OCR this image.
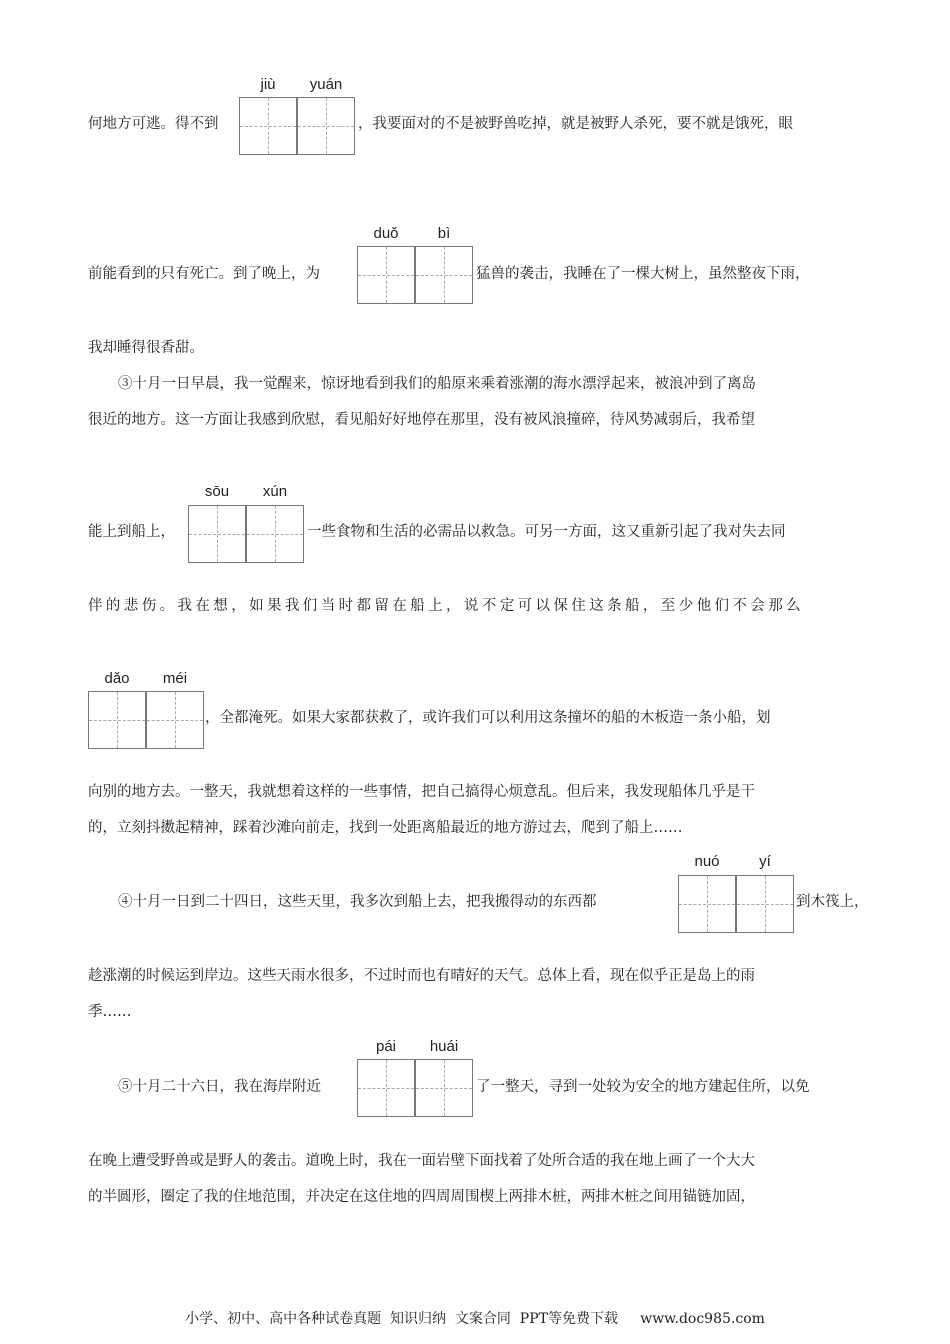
何地方可逃。得不到
jiù	yuán
，我要面对的不是被野兽吃掉，就是被野人杀死，要不就是饿死，眼
前能看到的只有死亡。到了晚上，为
duǒ	bì
猛兽的袭击，我睡在了一棵大树上，虽然整夜下雨，
我却睡得很香甜。
③十月一日早晨，我一觉醒来，惊讶地看到我们的船原来乘着涨潮的海水漂浮起来，被浪冲到了离岛
很近的地方。这一方面让我感到欣慰，看见船好好地停在那里，没有被风浪撞碎，待风势减弱后，我希望
能上到船上，
sōu	xún
一些食物和生活的必需品以救急。可另一方面，这又重新引起了我对失去同
伴的悲伤。我在想，如果我们当时都留在船上，说不定可以保住这条船，至少他们不会那么
dǎo	méi
，全都淹死。如果大家都获救了，或许我们可以利用这条撞坏的船的木板造一条小船，划
向别的地方去。一整天，我就想着这样的一些事情，把自己搞得心烦意乱。但后来，我发现船体几乎是干
的，立刻抖擞起精神，踩着沙滩向前走，找到一处距离船最近的地方游过去，爬到了船上……
④十月一日到二十四日，这些天里，我多次到船上去，把我搬得动的东西都
nuó	yí
到木筏上，
趁涨潮的时候运到岸边。这些天雨水很多，不过时而也有晴好的天气。总体上看，现在似乎正是岛上的雨
季……
⑤十月二十六日，我在海岸附近
pái	huái
了一整天，寻到一处较为安全的地方建起住所，以免
在晚上遭受野兽或是野人的袭击。道晚上时，我在一面岩壁下面找着了处所合适的我在地上画了一个大大
的半圆形，圈定了我的住地范围，并决定在这住地的四周周围楔上两排木桩，两排木桩之间用锚链加固，
小学、初中、高中各种试卷真题  知识归纳  文案合同  PPT等免费下载     www.doc985.com
